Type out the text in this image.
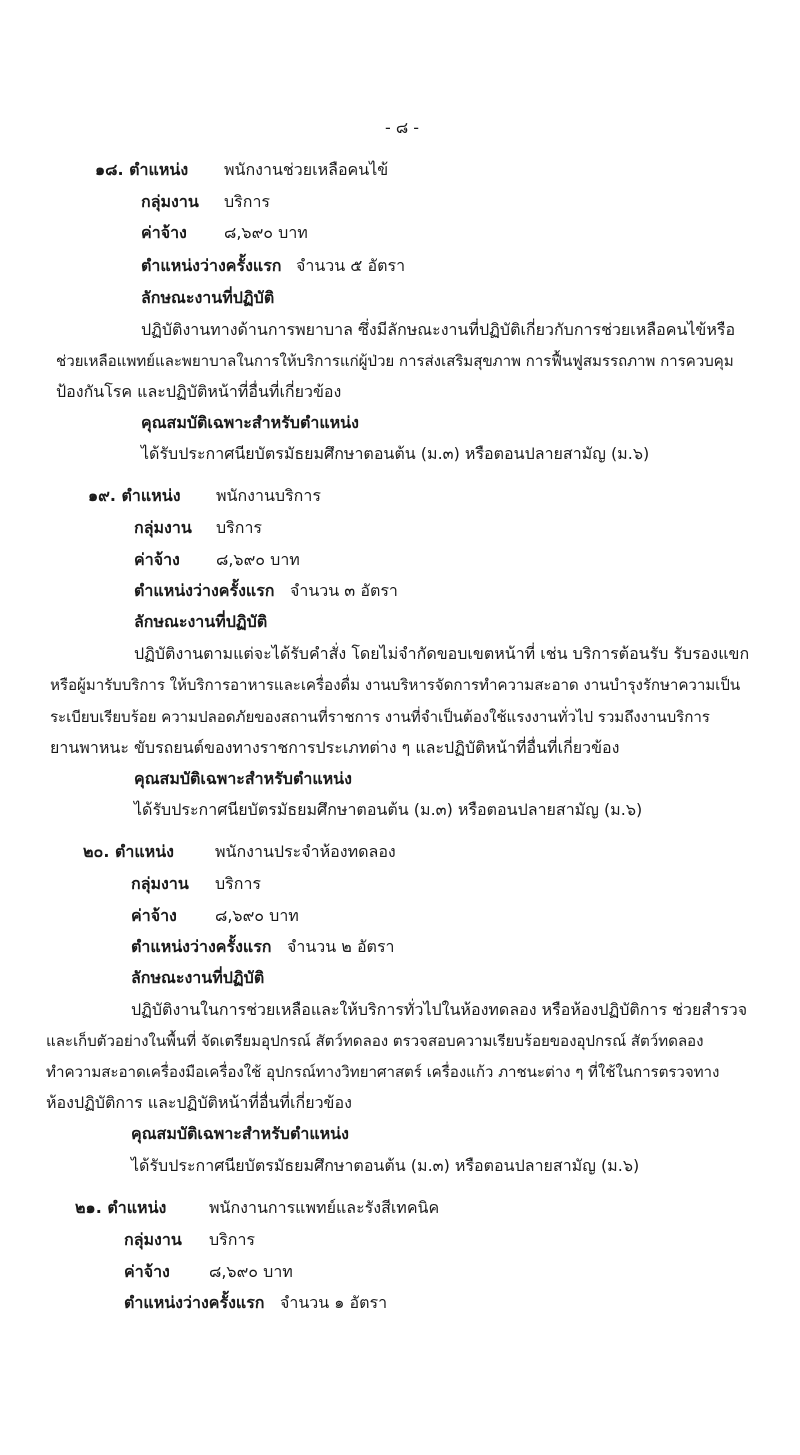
- ๘ -
๑๘. ตำแหน่ง พนักงานช่วยเหลือคนไข้
กลุ่มงาน บริการ
ค่าจ้าง ๘,๖๙๐ บาท
ตำแหน่งว่างครั้งแรก จำนวน ๕ อัตรา
ลักษณะงานที่ปฏิบัติ
ปฏิบัติงานทางด้านการพยาบาล ซึ่งมีลักษณะงานที่ปฏิบัติเกี่ยวกับการช่วยเหลือคนไข้หรือ
ช่วยเหลือแพทย์และพยาบาลในการให้บริการแก่ผู้ป่วย การส่งเสริมสุขภาพ การฟื้นฟูสมรรถภาพ การควบคุม
ป้องกันโรค และปฏิบัติหน้าที่อื่นที่เกี่ยวข้อง
คุณสมบัติเฉพาะสำหรับตำแหน่ง
ได้รับประกาศนียบัตรมัธยมศึกษาตอนต้น (ม.๓) หรือตอนปลายสามัญ (ม.๖)
๑๙. ตำแหน่ง พนักงานบริการ
กลุ่มงาน บริการ
ค่าจ้าง ๘,๖๙๐ บาท
ตำแหน่งว่างครั้งแรก จำนวน ๓ อัตรา
ลักษณะงานที่ปฏิบัติ
ปฏิบัติงานตามแต่จะได้รับคำสั่ง โดยไม่จำกัดขอบเขตหน้าที่ เช่น บริการต้อนรับ รับรองแขก
หรือผู้มารับบริการ ให้บริการอาหารและเครื่องดื่ม งานบริหารจัดการทำความสะอาด งานบำรุงรักษาความเป็น
ระเบียบเรียบร้อย ความปลอดภัยของสถานที่ราชการ งานที่จำเป็นต้องใช้แรงงานทั่วไป รวมถึงงานบริการ
ยานพาหนะ ขับรถยนต์ของทางราชการประเภทต่าง ๆ และปฏิบัติหน้าที่อื่นที่เกี่ยวข้อง
คุณสมบัติเฉพาะสำหรับตำแหน่ง
ได้รับประกาศนียบัตรมัธยมศึกษาตอนต้น (ม.๓) หรือตอนปลายสามัญ (ม.๖)
๒๐. ตำแหน่ง	พนักงานประจำห้องทดลอง
กลุ่มงาน บริการ
ค่าจ้าง ๘,๖๙๐ บาท
ตำแหน่งว่างครั้งแรก จำนวน ๒ อัตรา
ลักษณะงานที่ปฏิบัติ
ปฏิบัติงานในการช่วยเหลือและให้บริการทั่วไปในห้องทดลอง หรือห้องปฏิบัติการ ช่วยสำรวจ
และเก็บตัวอย่างในพื้นที่ จัดเตรียมอุปกรณ์ สัตว์ทดลอง ตรวจสอบความเรียบร้อยของอุปกรณ์ สัตว์ทดลอง
ทำความสะอาดเครื่องมือเครื่องใช้ อุปกรณ์ทางวิทยาศาสตร์ เครื่องแก้ว ภาชนะต่าง ๆ ที่ใช้ในการตรวจทาง
ห้องปฏิบัติการ และปฏิบัติหน้าที่อื่นที่เกี่ยวข้อง
คุณสมบัติเฉพาะสำหรับตำแหน่ง
ได้รับประกาศนียบัตรมัธยมศึกษาตอนต้น (ม.๓) หรือตอนปลายสามัญ (ม.๖)
๒๑. ตำแหน่ง	พนักงานการแพทย์และรังสีเทคนิค
กลุ่มงาน บริการ
ค่าจ้าง ๘,๖๙๐ บาท
ตำแหน่งว่างครั้งแรก จำนวน ๑ อัตรา
